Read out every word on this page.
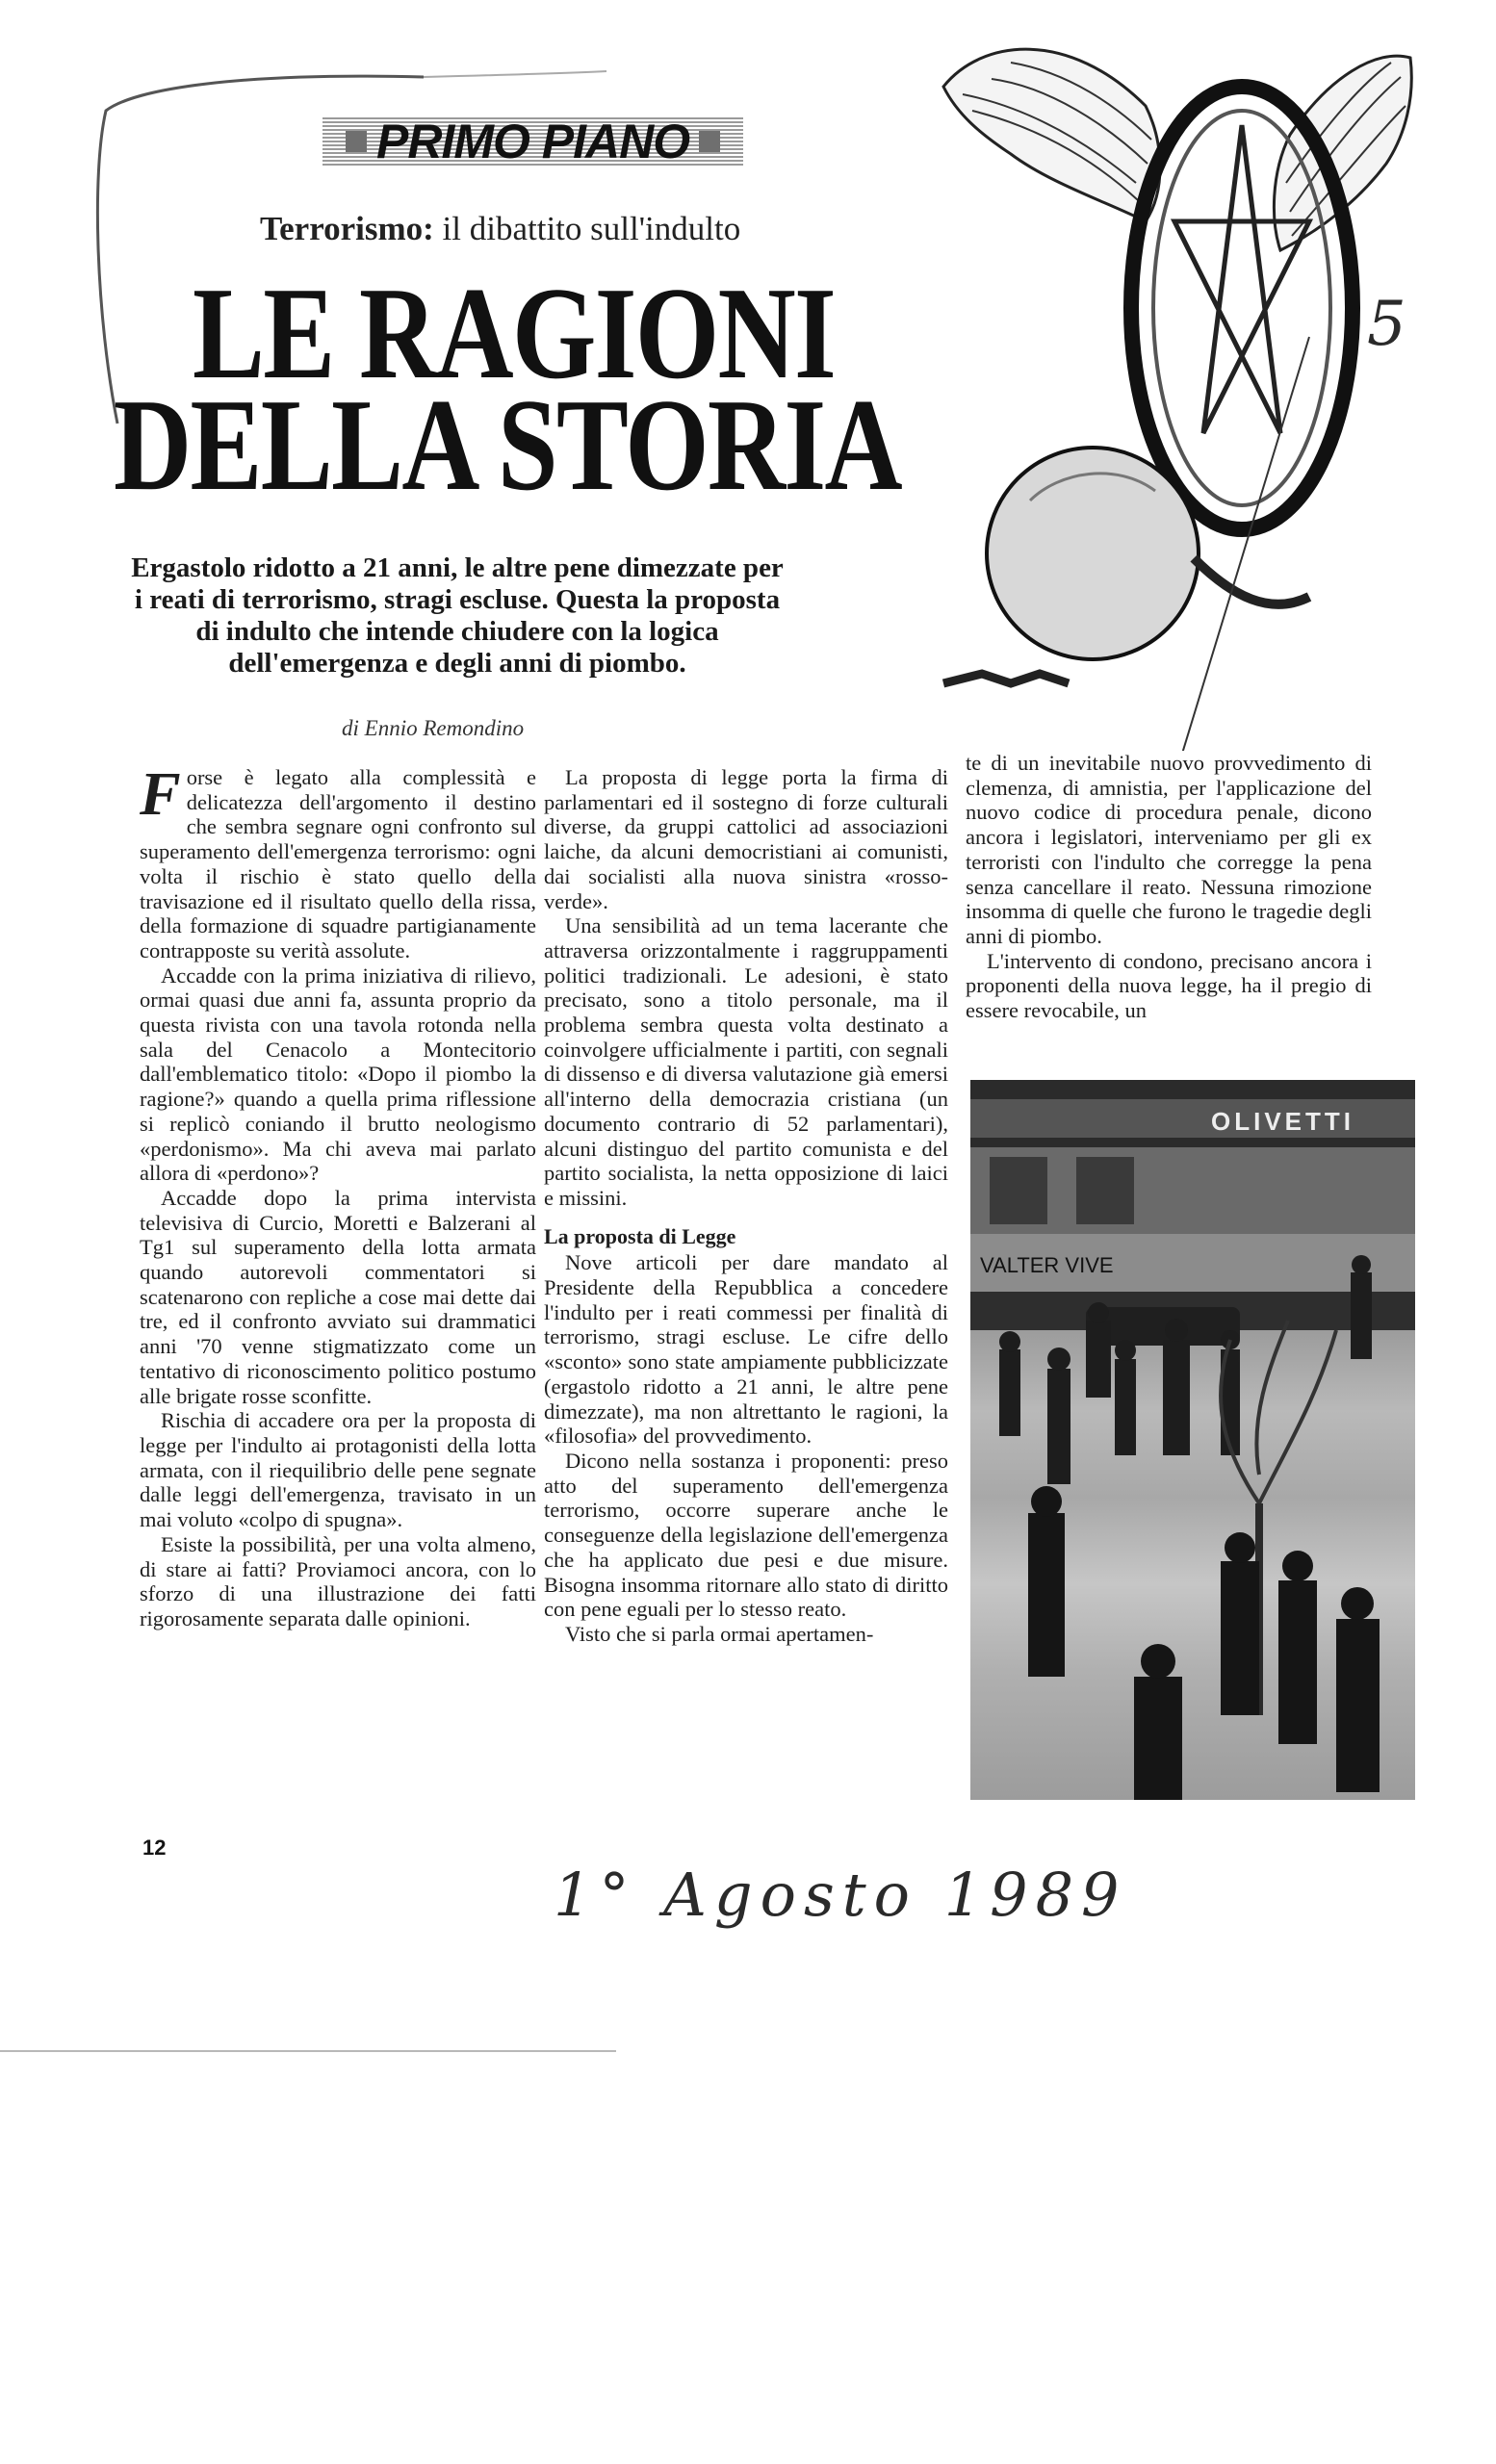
PRIMO PIANO
Terrorismo: il dibattito sull'indulto
LE RAGIONI
DELLA STORIA
5

Ergastolo ridotto a 21 anni, le altre pene dimezzate per i reati di terrorismo, stragi escluse. Questa la proposta di indulto che intende chiudere con la logica dell'emergenza e degli anni di piombo.

di Ennio Remondino

Forse è legato alla complessità e delicatezza dell'argomento il destino che sembra segnare ogni confronto sul superamento dell'emergenza terrorismo: ogni volta il rischio è stato quello della travisazione ed il risultato quello della rissa, della formazione di squadre partigianamente contrapposte su verità assolute.

Accadde con la prima iniziativa di rilievo, ormai quasi due anni fa, assunta proprio da questa rivista con una tavola rotonda nella sala del Cenacolo a Montecitorio dall'emblematico titolo: «Dopo il piombo la ragione?» quando a quella prima riflessione si replicò coniando il brutto neologismo «perdonismo». Ma chi aveva mai parlato allora di «perdono»?

Accadde dopo la prima intervista televisiva di Curcio, Moretti e Balzerani al Tg1 sul superamento della lotta armata quando autorevoli commentatori si scatenarono con repliche a cose mai dette dai tre, ed il confronto avviato sui drammatici anni '70 venne stigmatizzato come un tentativo di riconoscimento politico postumo alle brigate rosse sconfitte.

Rischia di accadere ora per la proposta di legge per l'indulto ai protagonisti della lotta armata, con il riequilibrio delle pene segnate dalle leggi dell'emergenza, travisato in un mai voluto «colpo di spugna».

Esiste la possibilità, per una volta almeno, di stare ai fatti? Proviamoci ancora, con lo sforzo di una illustrazione dei fatti rigorosamente separata dalle opinioni.

La proposta di legge porta la firma di parlamentari ed il sostegno di forze culturali diverse, da gruppi cattolici ad associazioni laiche, da alcuni democristiani ai comunisti, dai socialisti alla nuova sinistra «rosso-verde».

Una sensibilità ad un tema lacerante che attraversa orizzontalmente i raggruppamenti politici tradizionali. Le adesioni, è stato precisato, sono a titolo personale, ma il problema sembra questa volta destinato a coinvolgere ufficialmente i partiti, con segnali di dissenso e di diversa valutazione già emersi all'interno della democrazia cristiana (un documento contrario di 52 parlamentari), alcuni distinguo del partito comunista e del partito socialista, la netta opposizione di laici e missini.

La proposta di Legge

Nove articoli per dare mandato al Presidente della Repubblica a concedere l'indulto per i reati commessi per finalità di terrorismo, stragi escluse. Le cifre dello «sconto» sono state ampiamente pubblicizzate (ergastolo ridotto a 21 anni, le altre pene dimezzate), ma non altrettanto le ragioni, la «filosofia» del provvedimento.

Dicono nella sostanza i proponenti: preso atto del superamento dell'emergenza terrorismo, occorre superare anche le conseguenze della legislazione dell'emergenza che ha applicato due pesi e due misure. Bisogna insomma ritornare allo stato di diritto con pene eguali per lo stesso reato.

Visto che si parla ormai apertamen-

te di un inevitabile nuovo provvedimento di clemenza, di amnistia, per l'applicazione del nuovo codice di procedura penale, dicono ancora i legislatori, interveniamo per gli ex terroristi con l'indulto che corregge la pena senza cancellare il reato. Nessuna rimozione insomma di quelle che furono le tragedie degli anni di piombo.

L'intervento di condono, precisano ancora i proponenti della nuova legge, ha il pregio di essere revocabile, un

OLIVETTI
VALTER VIVE
12
1° Agosto 1989
